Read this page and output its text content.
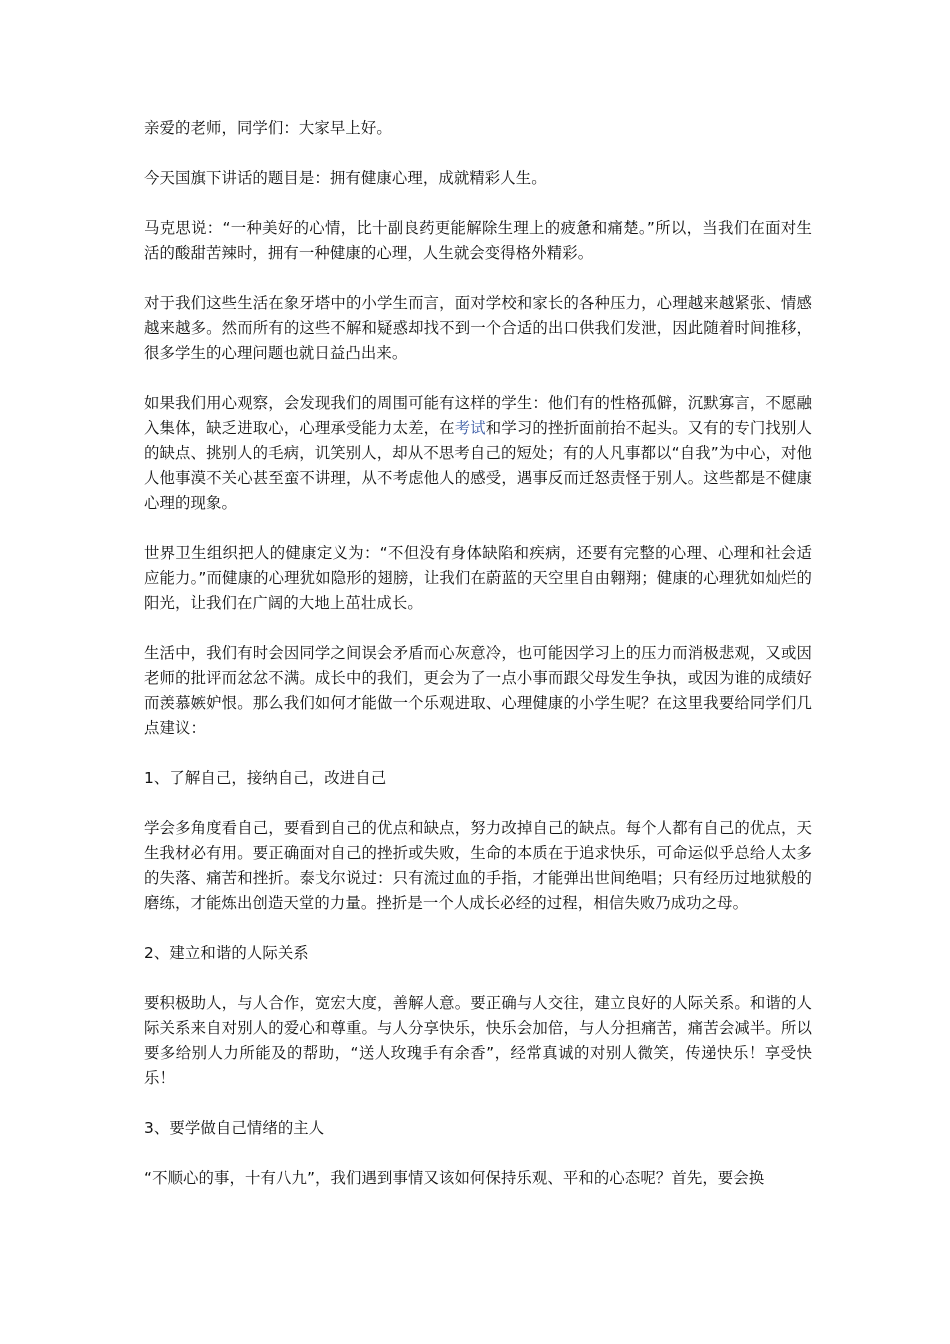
亲爱的老师，同学们：大家早上好。

今天国旗下讲话的题目是：拥有健康心理，成就精彩人生。

马克思说：“一种美好的心情，比十副良药更能解除生理上的疲惫和痛楚。”所以，当我们在面对生活的酸甜苦辣时，拥有一种健康的心理，人生就会变得格外精彩。

对于我们这些生活在象牙塔中的小学生而言，面对学校和家长的各种压力，心理越来越紧张、情感越来越多。然而所有的这些不解和疑惑却找不到一个合适的出口供我们发泄，因此随着时间推移，很多学生的心理问题也就日益凸出来。

如果我们用心观察，会发现我们的周围可能有这样的学生：他们有的性格孤僻，沉默寡言，不愿融入集体，缺乏进取心，心理承受能力太差，在考试和学习的挫折面前抬不起头。又有的专门找别人的缺点、挑别人的毛病，讥笑别人，却从不思考自己的短处；有的人凡事都以“自我”为中心，对他人他事漠不关心甚至蛮不讲理，从不考虑他人的感受，遇事反而迁怒责怪于别人。这些都是不健康心理的现象。

世界卫生组织把人的健康定义为：“不但没有身体缺陷和疾病，还要有完整的心理、心理和社会适应能力。”而健康的心理犹如隐形的翅膀，让我们在蔚蓝的天空里自由翱翔；健康的心理犹如灿烂的阳光，让我们在广阔的大地上茁壮成长。

生活中，我们有时会因同学之间误会矛盾而心灰意冷，也可能因学习上的压力而消极悲观，又或因老师的批评而忿忿不满。成长中的我们，更会为了一点小事而跟父母发生争执，或因为谁的成绩好而羡慕嫉妒恨。那么我们如何才能做一个乐观进取、心理健康的小学生呢？在这里我要给同学们几点建议：

1、了解自己，接纳自己，改进自己

学会多角度看自己，要看到自己的优点和缺点，努力改掉自己的缺点。每个人都有自己的优点，天生我材必有用。要正确面对自己的挫折或失败，生命的本质在于追求快乐，可命运似乎总给人太多的失落、痛苦和挫折。泰戈尔说过：只有流过血的手指，才能弹出世间绝唱；只有经历过地狱般的磨练，才能炼出创造天堂的力量。挫折是一个人成长必经的过程，相信失败乃成功之母。

2、建立和谐的人际关系

要积极助人，与人合作，宽宏大度，善解人意。要正确与人交往，建立良好的人际关系。和谐的人际关系来自对别人的爱心和尊重。与人分享快乐，快乐会加倍，与人分担痛苦，痛苦会减半。所以要多给别人力所能及的帮助，“送人玫瑰手有余香”，经常真诚的对别人微笑，传递快乐！享受快乐！

3、要学做自己情绪的主人

“不顺心的事，十有八九”，我们遇到事情又该如何保持乐观、平和的心态呢？首先，要会换
